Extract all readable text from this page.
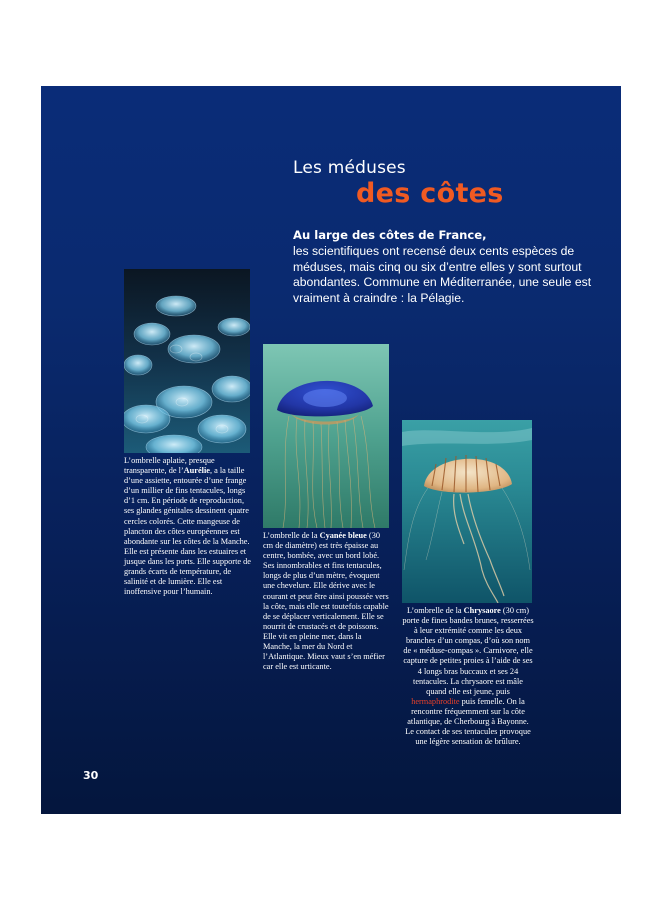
Les méduses
des côtes
Au large des côtes de France,
les scientifiques ont recensé deux cents espèces de méduses, mais cinq ou six d’entre elles y sont surtout abondantes. Commune en Méditerranée, une seule est vraiment à craindre : la Pélagie.
L’ombrelle aplatie, presque transparente, de l’Aurélie, a la taille d’une assiette, entourée d’une frange d’un millier de fins tentacules, longs d’1 cm. En période de reproduction, ses glandes génitales dessinent quatre cercles colorés. Cette mangeuse de plancton des côtes européennes est abondante sur les côtes de la Manche. Elle est présente dans les estuaires et jusque dans les ports. Elle supporte de grands écarts de température, de salinité et de lumière. Elle est inoffensive pour l’humain.
L’ombrelle de la Cyanée bleue (30 cm de diamètre) est très épaisse au centre, bombée, avec un bord lobé. Ses innombrables et fins tentacules, longs de plus d’un mètre, évoquent une chevelure. Elle dérive avec le courant et peut être ainsi poussée vers la côte, mais elle est toutefois capable de se déplacer verticalement. Elle se nourrit de crustacés et de poissons. Elle vit en pleine mer, dans la Manche, la mer du Nord et l’Atlantique. Mieux vaut s’en méfier car elle est urticante.
L’ombrelle de la Chrysaore (30 cm) porte de fines bandes brunes, resserrées à leur extrémité comme les deux branches d’un compas, d’où son nom de « méduse-compas ». Carnivore, elle capture de petites proies à l’aide de ses 4 longs bras buccaux et ses 24 tentacules. La chrysaore est mâle quand elle est jeune, puis hermaphrodite puis femelle. On la rencontre fréquemment sur la côte atlantique, de Cherbourg à Bayonne. Le contact de ses tentacules provoque une légère sensation de brûlure.
30
